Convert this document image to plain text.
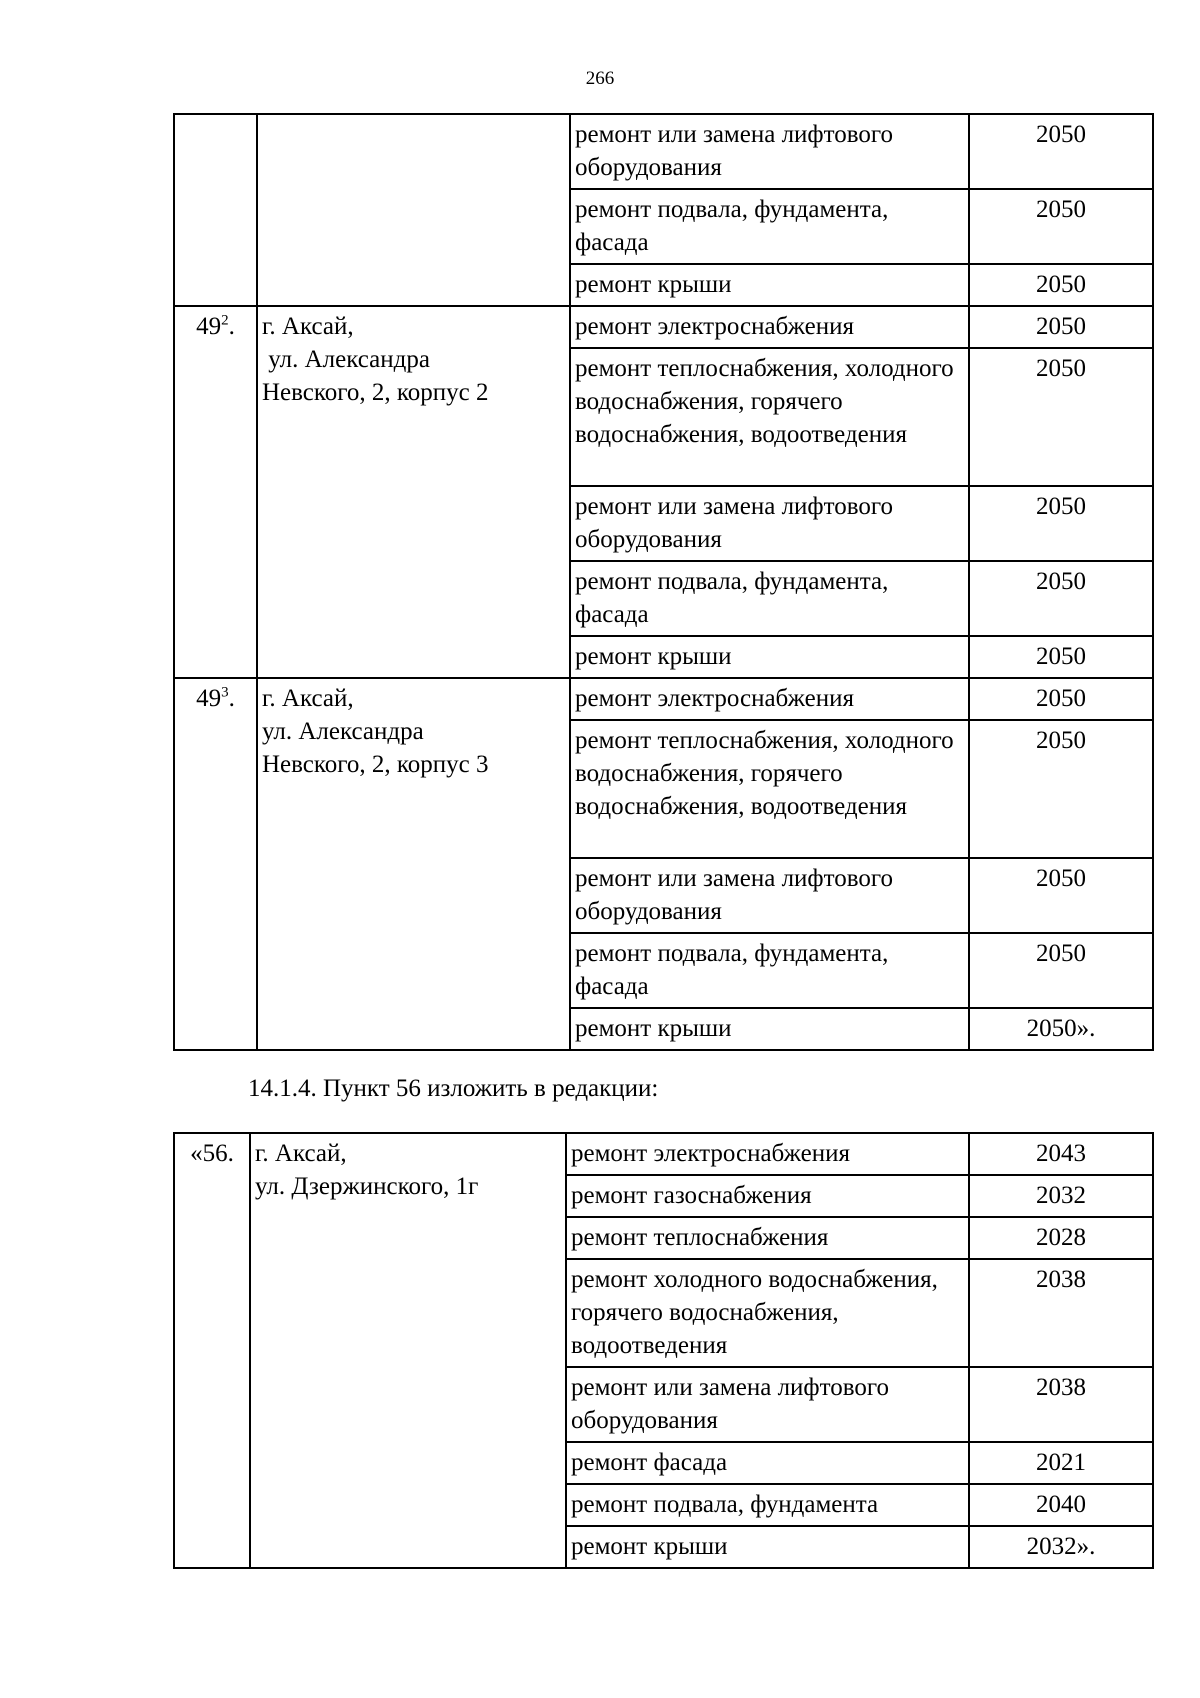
266
		ремонт или замена лифтового оборудования	2050
		ремонт подвала, фундамента, фасада	2050
		ремонт крыши	2050
$49^2$.	г. Аксай,
ул. Александра
Невского, 2, корпус 2	ремонт электроснабжения	2050
		ремонт теплоснабжения, холодного водоснабжения, горячего водоснабжения, водоотведения	2050
		ремонт или замена лифтового оборудования	2050
		ремонт подвала, фундамента, фасада	2050
		ремонт крыши	2050
$49^3$.	г. Аксай,
ул. Александра
Невского, 2, корпус 3	ремонт электроснабжения	2050
		ремонт теплоснабжения, холодного водоснабжения, горячего водоснабжения, водоотведения	2050
		ремонт или замена лифтового оборудования	2050
		ремонт подвала, фундамента, фасада	2050
		ремонт крыши	2050».
14.1.4. Пункт 56 изложить в редакции:
«56.	г. Аксай,
ул. Дзержинского, 1г	ремонт электроснабжения	2043
		ремонт газоснабжения	2032
		ремонт теплоснабжения	2028
		ремонт холодного водоснабжения, горячего водоснабжения, водоотведения	2038
		ремонт или замена лифтового оборудования	2038
		ремонт фасада	2021
		ремонт подвала, фундамента	2040
		ремонт крыши	2032».
